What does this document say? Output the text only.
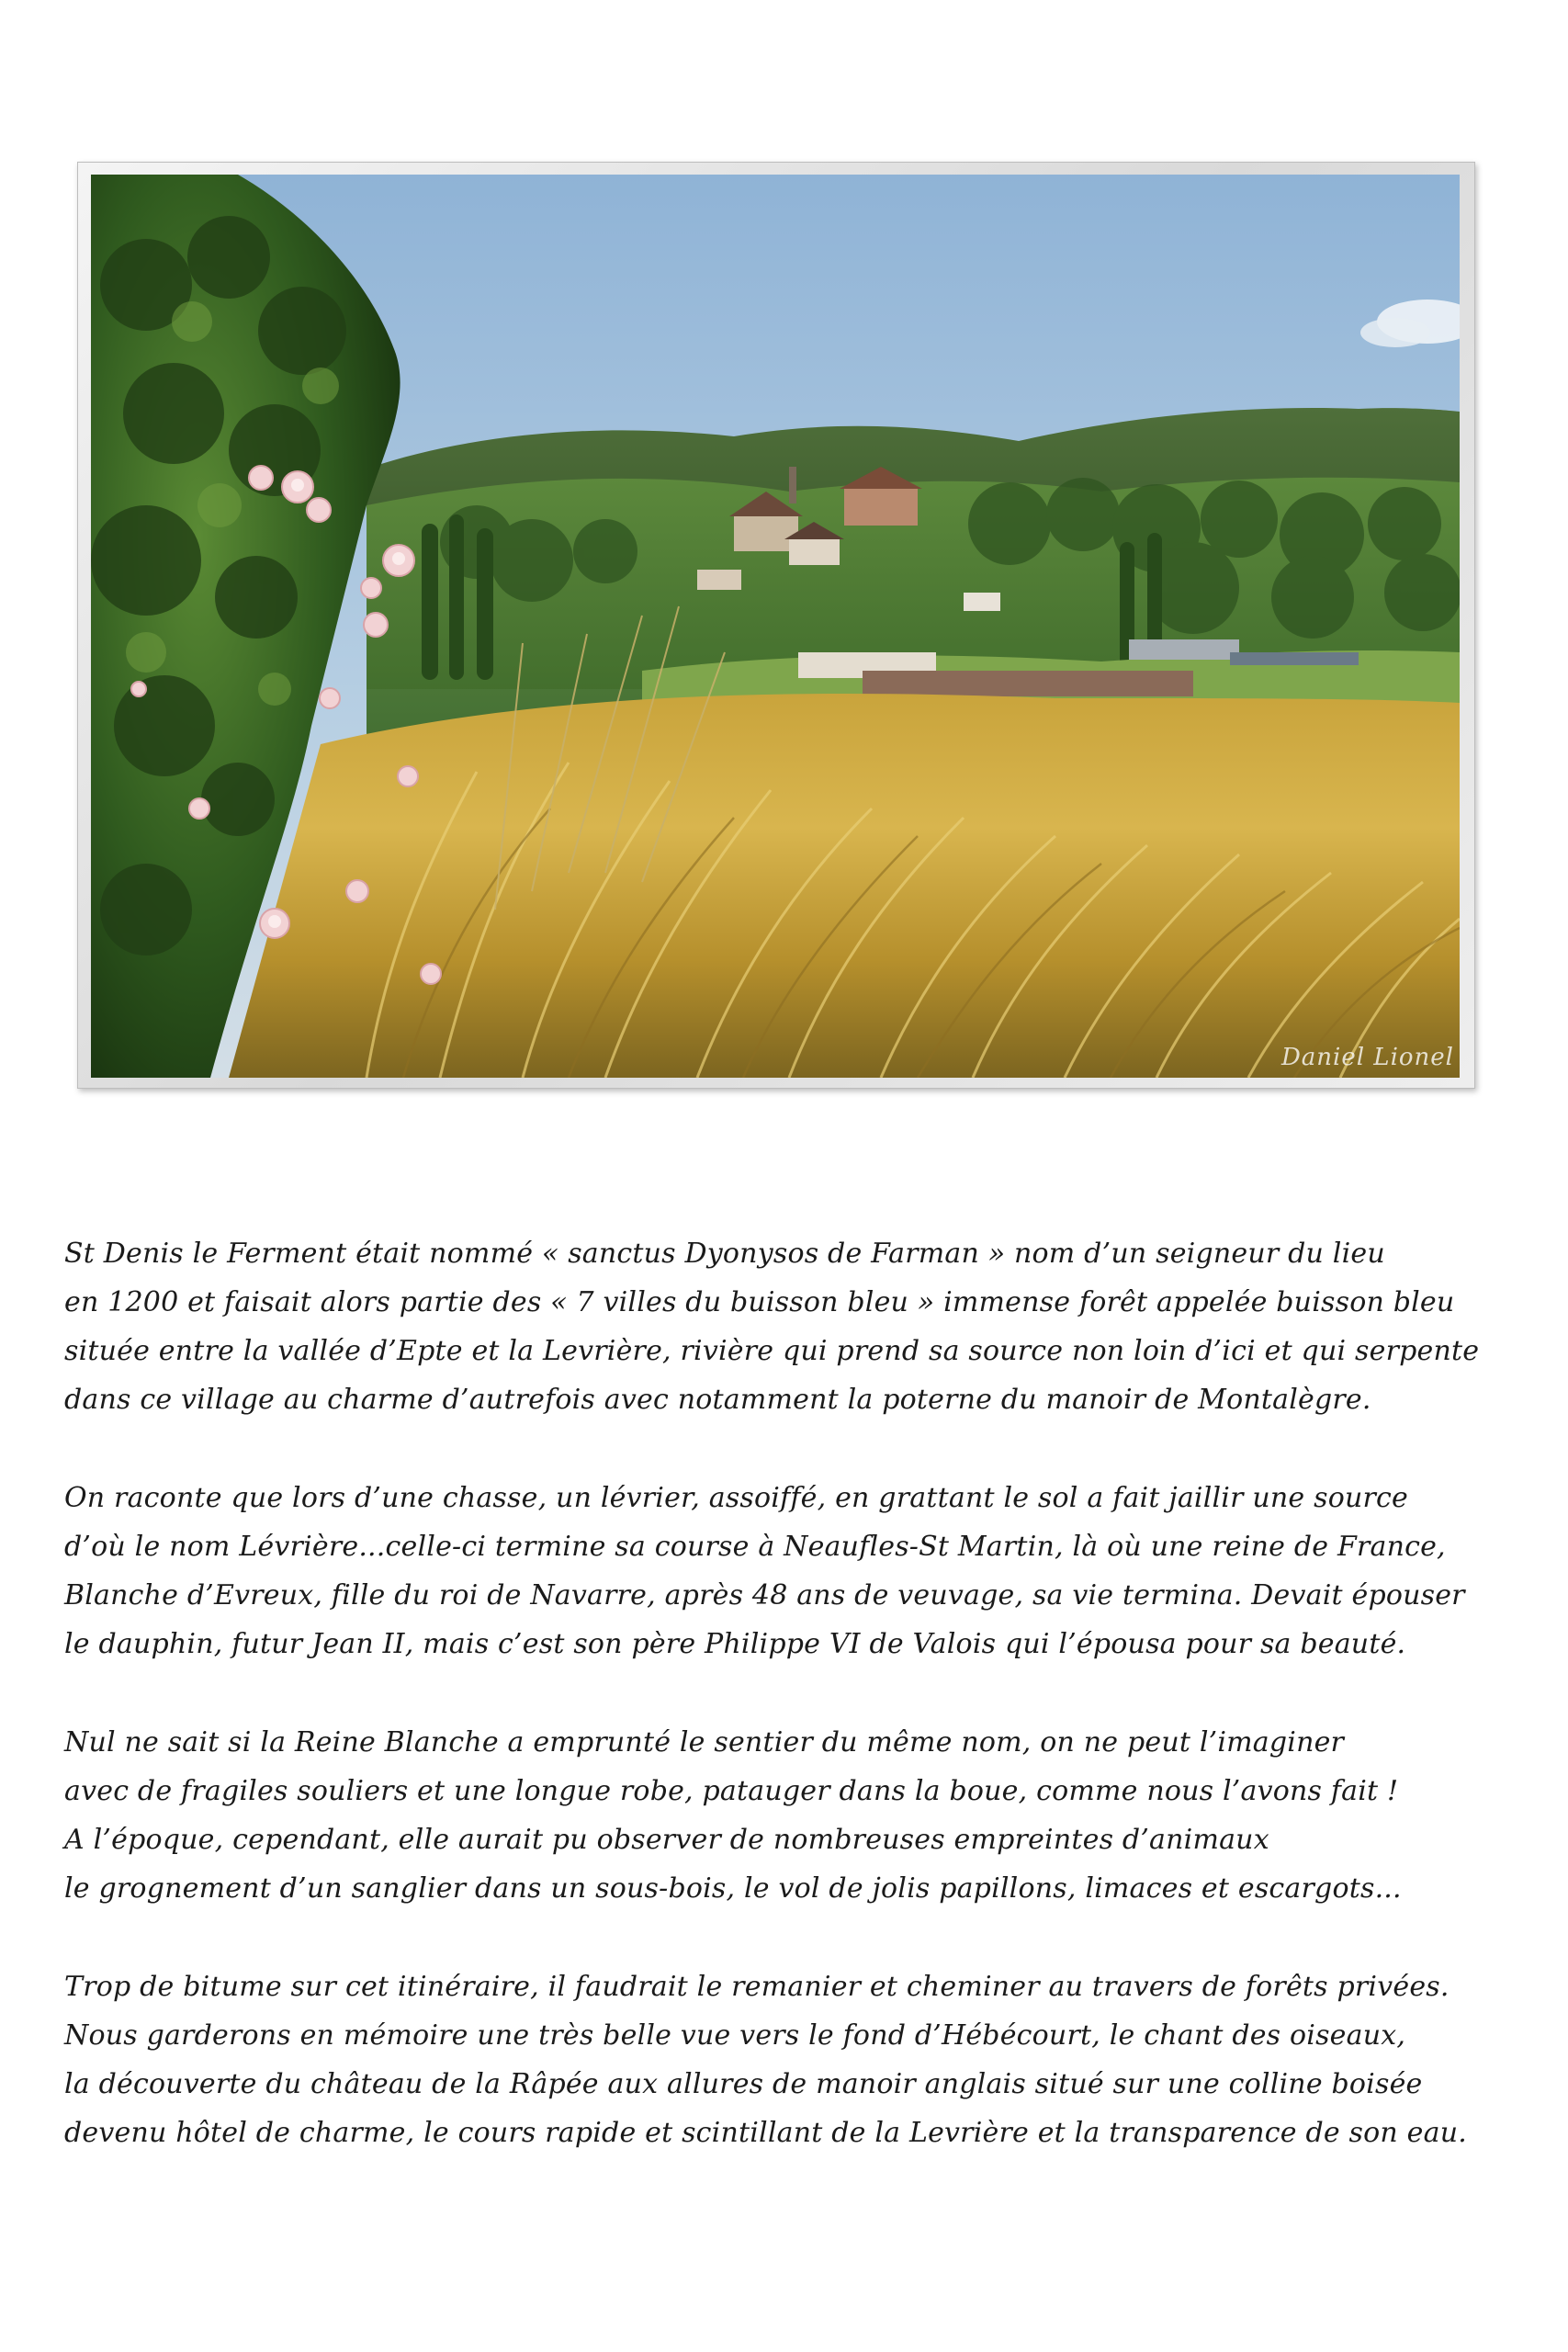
Daniel Lionel

St Denis le Ferment était nommé « sanctus Dyonysos de Farman » nom d’un seigneur du lieu
en 1200 et faisait alors partie des « 7 villes du buisson bleu » immense forêt appelée buisson bleu
située entre la vallée d’Epte et la Levrière, rivière qui prend sa source non loin d’ici et qui serpente
dans ce village au charme d’autrefois avec notamment la poterne du manoir de Montalègre.

On raconte que lors d’une chasse, un lévrier, assoiffé, en grattant le sol a fait jaillir une source
d’où le nom Lévrière...celle-ci termine sa course à Neaufles-St Martin, là où une reine de France,
Blanche d’Evreux, fille du roi de Navarre, après 48 ans de veuvage, sa vie termina. Devait épouser
le dauphin, futur Jean II, mais c’est son père Philippe VI de Valois qui l’épousa pour sa beauté.

Nul ne sait si la Reine Blanche a emprunté le sentier du même nom, on ne peut l’imaginer
avec de fragiles souliers et une longue robe, patauger dans la boue, comme nous l’avons fait !
A l’époque, cependant, elle aurait pu observer de nombreuses empreintes d’animaux
le grognement d’un sanglier dans un sous-bois, le vol de jolis papillons, limaces et escargots...

Trop de bitume sur cet itinéraire, il faudrait le remanier et cheminer au travers de forêts privées.
Nous garderons en mémoire une très belle vue vers le fond d’Hébécourt, le chant des oiseaux,
la découverte du château de la Râpée aux allures de manoir anglais situé sur une colline boisée
devenu hôtel de charme, le cours rapide et scintillant de la Levrière et la transparence de son eau.
